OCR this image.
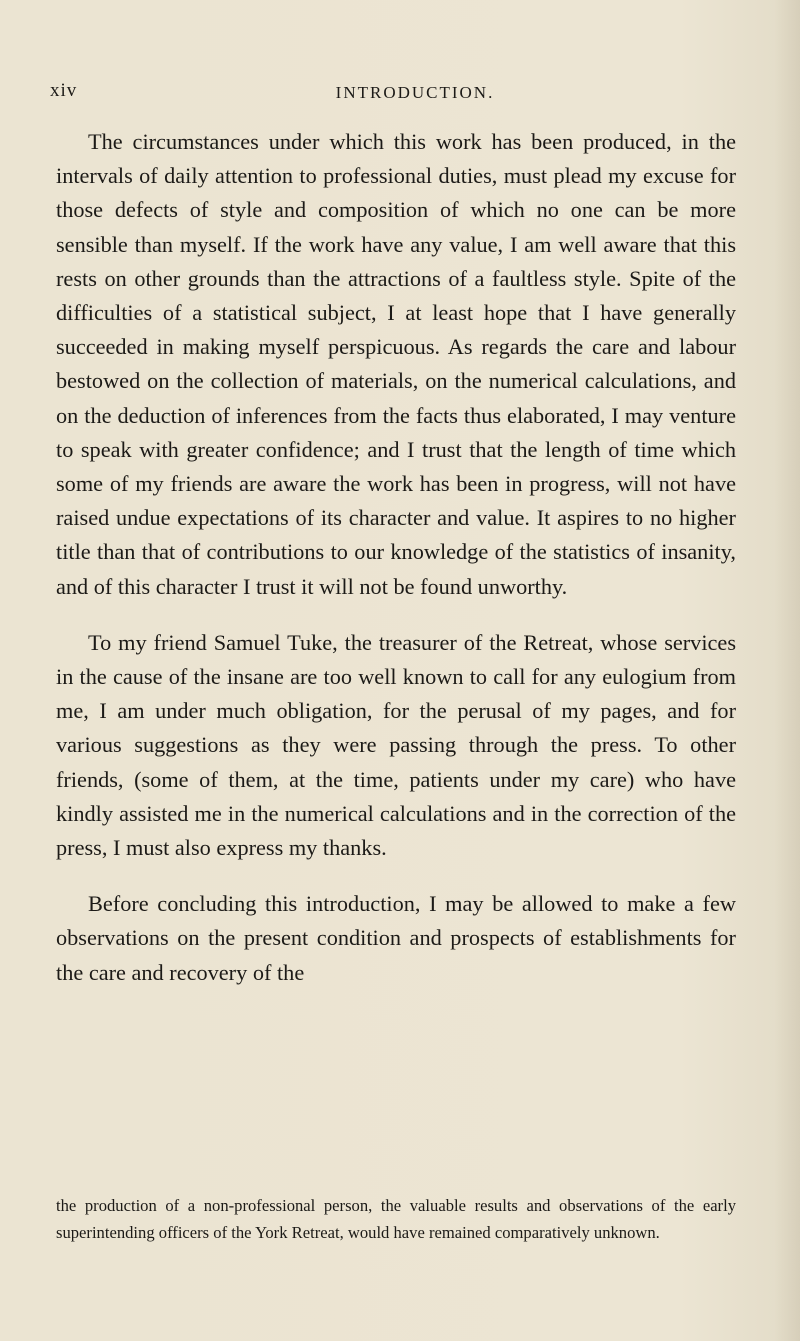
xiv	INTRODUCTION.

The circumstances under which this work has been produced, in the intervals of daily attention to professional duties, must plead my excuse for those defects of style and composition of which no one can be more sensible than myself. If the work have any value, I am well aware that this rests on other grounds than the attractions of a faultless style. Spite of the difficulties of a statistical subject, I at least hope that I have generally succeeded in making myself perspicuous. As regards the care and labour bestowed on the collection of materials, on the numerical calculations, and on the deduction of inferences from the facts thus elaborated, I may venture to speak with greater confidence; and I trust that the length of time which some of my friends are aware the work has been in progress, will not have raised undue expectations of its character and value. It aspires to no higher title than that of contributions to our knowledge of the statistics of insanity, and of this character I trust it will not be found unworthy.

To my friend Samuel Tuke, the treasurer of the Retreat, whose services in the cause of the insane are too well known to call for any eulogium from me, I am under much obligation, for the perusal of my pages, and for various suggestions as they were passing through the press. To other friends, (some of them, at the time, patients under my care) who have kindly assisted me in the numerical calculations and in the correction of the press, I must also express my thanks.

Before concluding this introduction, I may be allowed to make a few observations on the present condition and prospects of establishments for the care and recovery of the

the production of a non-professional person, the valuable results and observations of the early superintending officers of the York Retreat, would have remained comparatively unknown.
